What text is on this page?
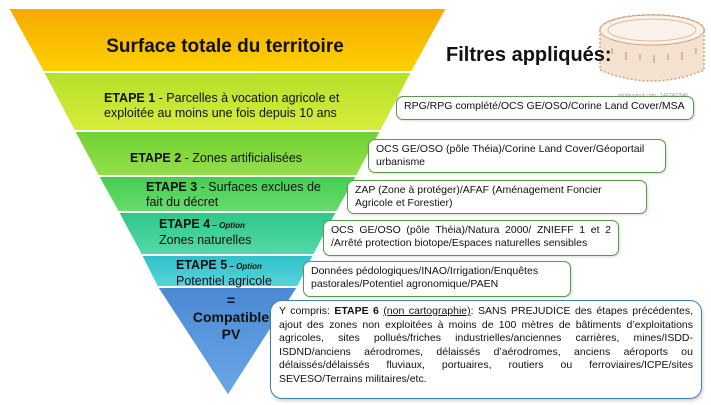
Surface totale du territoire	Filtres appliqués:
ETAPE 1 - Parcelles à vocation agricole et exploitée au moins une fois depuis 10 ans
ETAPE 2 - Zones artificialisées
ETAPE 3 - Surfaces exclues de fait du décret
ETAPE 4 – Option
Zones naturelles
ETAPE 5 – Option
Potentiel agricole
=
Compatible
PV
RPG/RPG complété/OCS GE/OSO/Corine Land Cover/MSA
OCS GE/OSO (pôle Théia)/Corine Land Cover/Géoportail urbanisme
ZAP (Zone à protéger)/AFAF (Aménagement Foncier Agricole et Forestier)
OCS GE/OSO (pôle Théia)/Natura 2000/ ZNIEFF 1 et 2 /Arrêté protection biotope/Espaces naturelles sensibles
Données pédologiques/INAO/Irrigation/Enquêtes pastorales/Potentiel agronomique/PAEN
Y compris: ETAPE 6 (non cartographie): SANS PREJUDICE des étapes précédentes, ajout des zones non exploitées à moins de 100 mètres de bâtiments d’exploitations agricoles, sites pollués/friches industrielles/anciennes carrières, mines/ISDD-ISDND/anciens aérodromes, délaissés d’aérodromes, anciens aéroports ou délaissés/délaissés fluviaux, portuaires, routiers ou ferroviaires/ICPE/sites SEVESO/Terrains militaires/etc.
